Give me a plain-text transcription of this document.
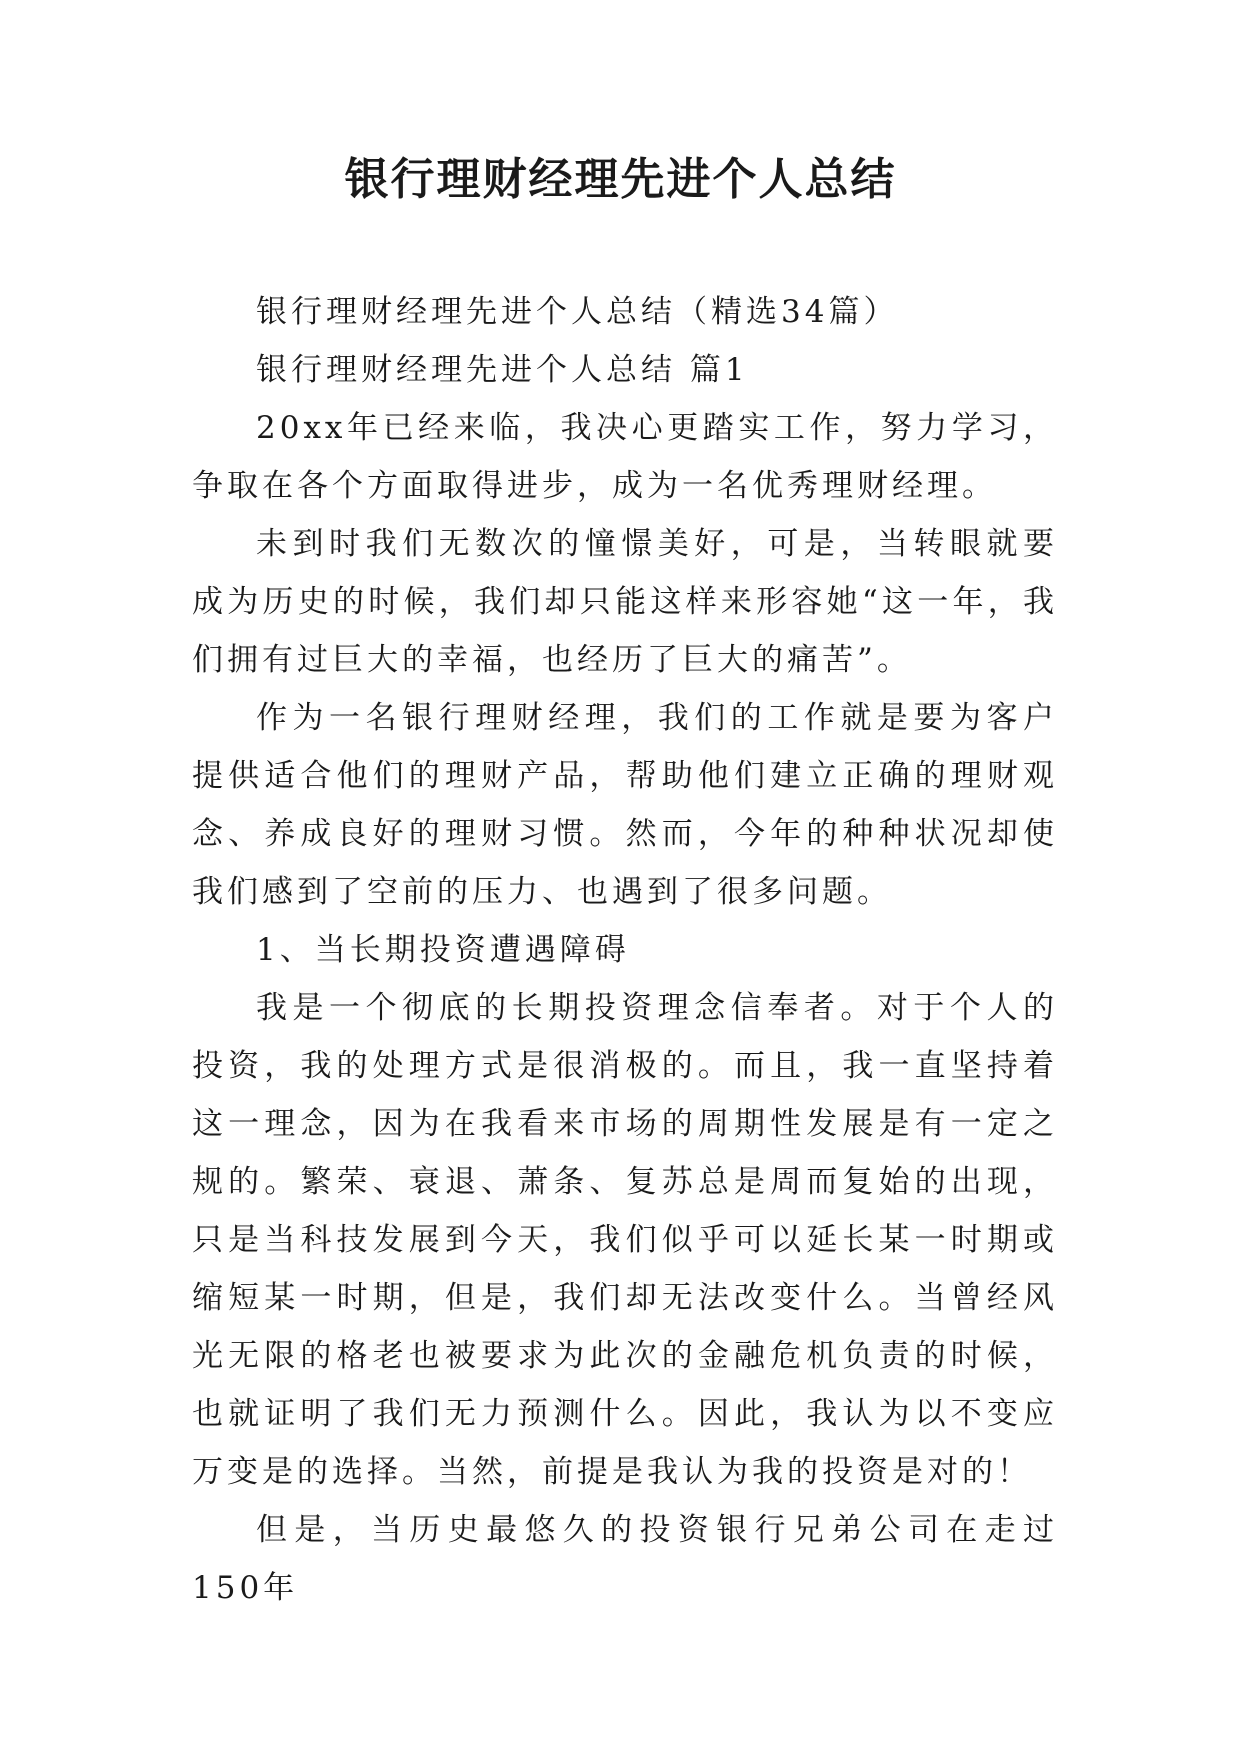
银行理财经理先进个人总结

银行理财经理先进个人总结（精选34篇）

银行理财经理先进个人总结 篇1

20xx年已经来临，我决心更踏实工作，努力学习，争取在各个方面取得进步，成为一名优秀理财经理。

未到时我们无数次的憧憬美好，可是，当转眼就要成为历史的时候，我们却只能这样来形容她“这一年，我们拥有过巨大的幸福，也经历了巨大的痛苦”。

作为一名银行理财经理，我们的工作就是要为客户提供适合他们的理财产品，帮助他们建立正确的理财观念、养成良好的理财习惯。然而，今年的种种状况却使我们感到了空前的压力、也遇到了很多问题。

1、当长期投资遭遇障碍

我是一个彻底的长期投资理念信奉者。对于个人的投资，我的处理方式是很消极的。而且，我一直坚持着这一理念，因为在我看来市场的周期性发展是有一定之规的。繁荣、衰退、萧条、复苏总是周而复始的出现，只是当科技发展到今天，我们似乎可以延长某一时期或缩短某一时期，但是，我们却无法改变什么。当曾经风光无限的格老也被要求为此次的金融危机负责的时候，也就证明了我们无力预测什么。因此，我认为以不变应万变是的选择。当然，前提是我认为我的投资是对的！

但是，当历史最悠久的投资银行兄弟公司在走过150年
